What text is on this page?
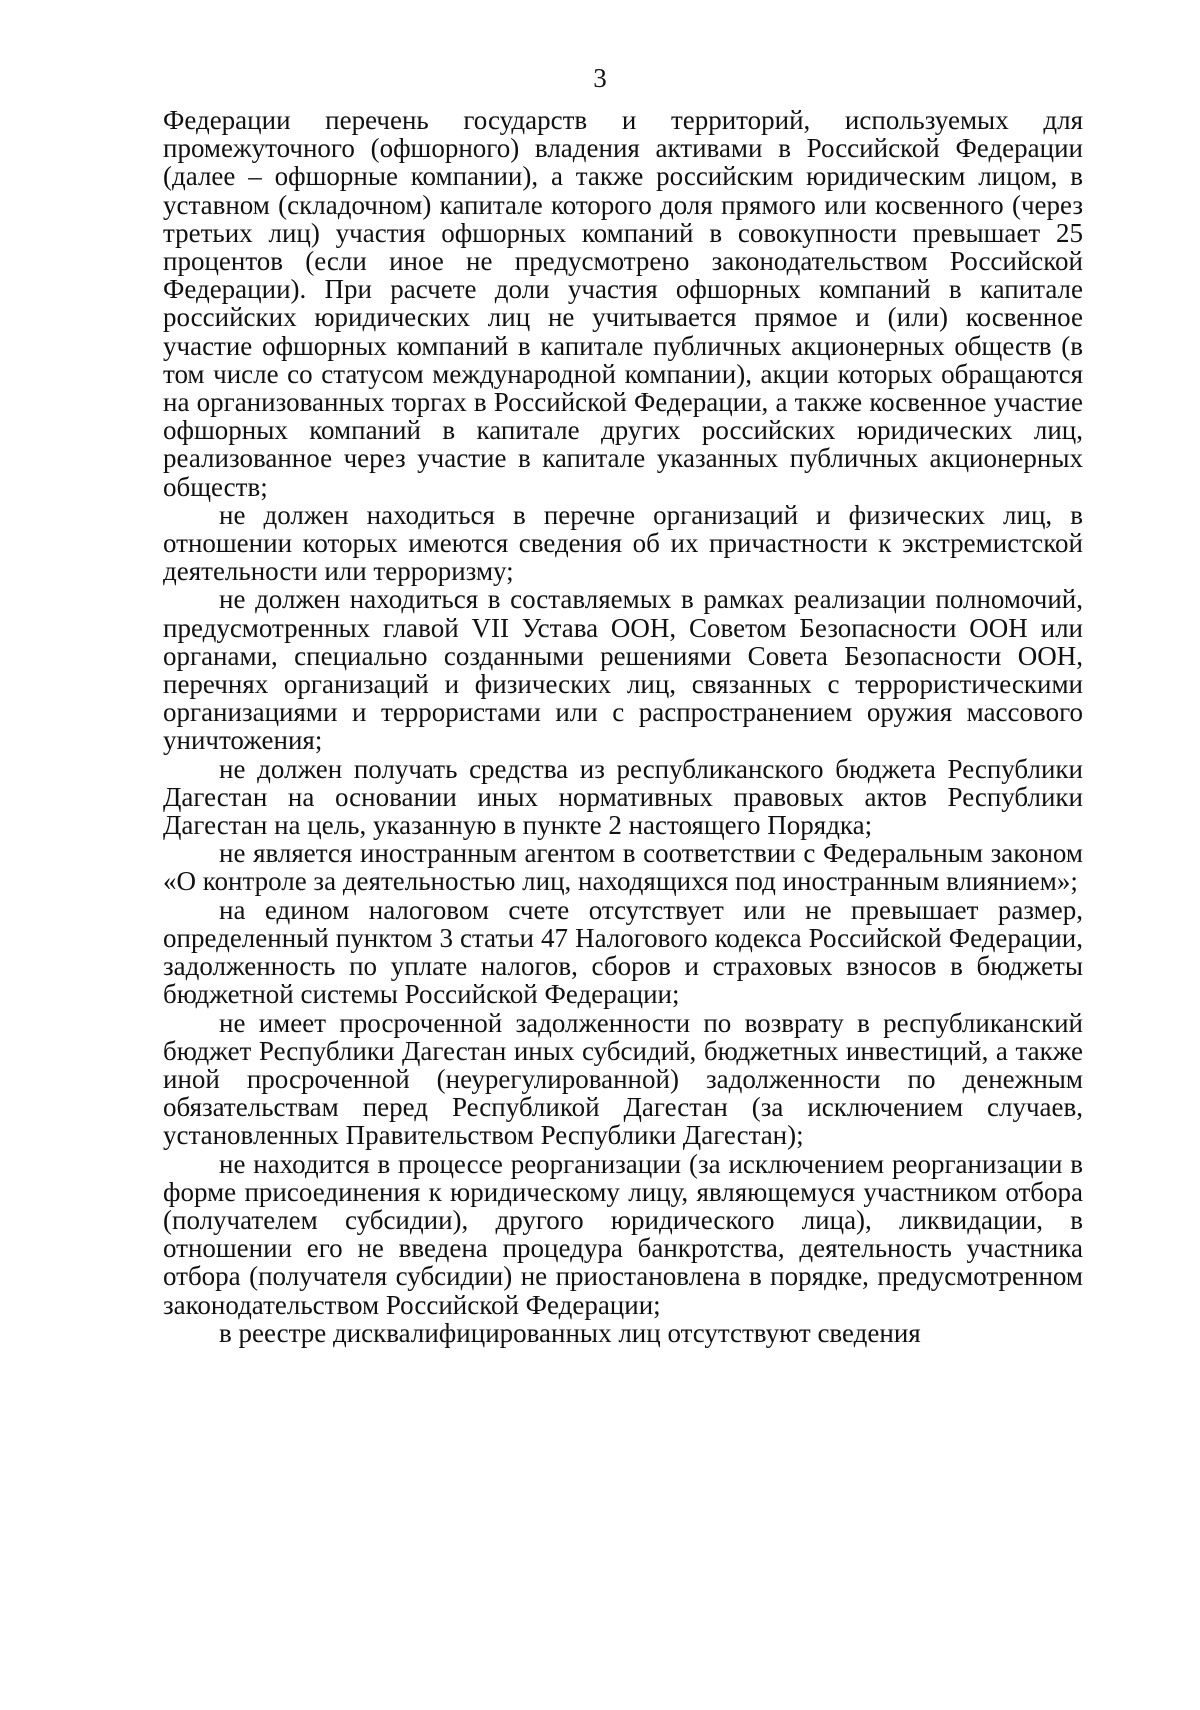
3

Федерации перечень государств и территорий, используемых для промежуточного (офшорного) владения активами в Российской Федерации (далее – офшорные компании), а также российским юридическим лицом, в уставном (складочном) капитале которого доля прямого или косвенного (через третьих лиц) участия офшорных компаний в совокупности превышает 25 процентов (если иное не предусмотрено законодательством Российской Федерации). При расчете доли участия офшорных компаний в капитале российских юридических лиц не учитывается прямое и (или) косвенное участие офшорных компаний в капитале публичных акционерных обществ (в том числе со статусом международной компании), акции которых обращаются на организованных торгах в Российской Федерации, а также косвенное участие офшорных компаний в капитале других российских юридических лиц, реализованное через участие в капитале указанных публичных акционерных обществ;

не должен находиться в перечне организаций и физических лиц, в отношении которых имеются сведения об их причастности к экстремистской деятельности или терроризму;

не должен находиться в составляемых в рамках реализации полномочий, предусмотренных главой VII Устава ООН, Советом Безопасности ООН или органами, специально созданными решениями Совета Безопасности ООН, перечнях организаций и физических лиц, связанных с террористическими организациями и террористами или с распространением оружия массового уничтожения;

не должен получать средства из республиканского бюджета Республики Дагестан на основании иных нормативных правовых актов Республики Дагестан на цель, указанную в пункте 2 настоящего Порядка;

не является иностранным агентом в соответствии с Федеральным законом «О контроле за деятельностью лиц, находящихся под иностранным влиянием»;

на едином налоговом счете отсутствует или не превышает размер, определенный пунктом 3 статьи 47 Налогового кодекса Российской Федерации, задолженность по уплате налогов, сборов и страховых взносов в бюджеты бюджетной системы Российской Федерации;

не имеет просроченной задолженности по возврату в республиканский бюджет Республики Дагестан иных субсидий, бюджетных инвестиций, а также иной просроченной (неурегулированной) задолженности по денежным обязательствам перед Республикой Дагестан (за исключением случаев, установленных Правительством Республики Дагестан);

не находится в процессе реорганизации (за исключением реорганизации в форме присоединения к юридическому лицу, являющемуся участником отбора (получателем субсидии), другого юридического лица), ликвидации, в отношении его не введена процедура банкротства, деятельность участника отбора (получателя субсидии) не приостановлена в порядке, предусмотренном законодательством Российской Федерации;

в реестре дисквалифицированных лиц отсутствуют сведения
